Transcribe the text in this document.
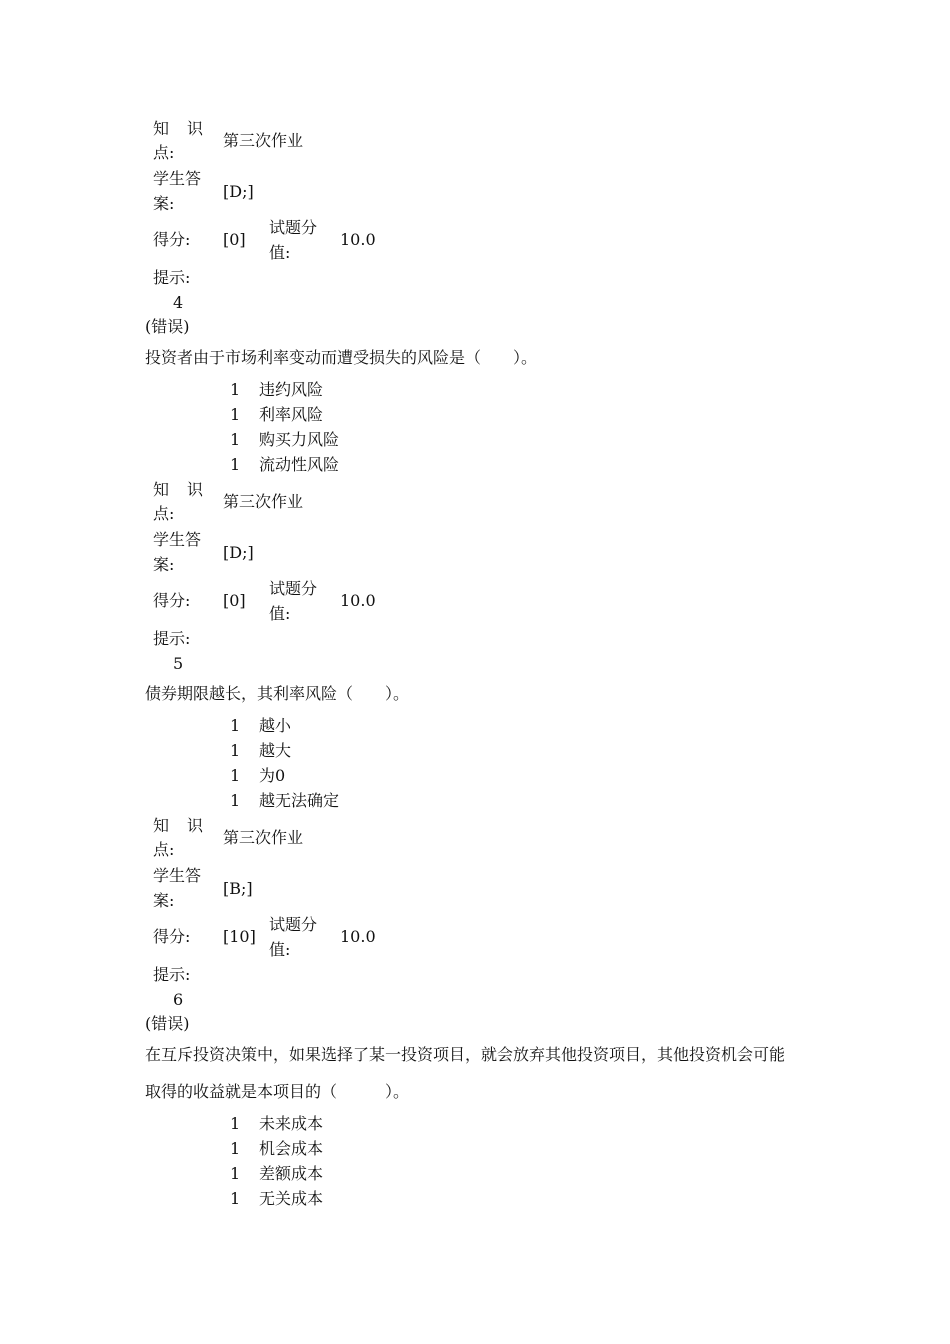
知识
点:
第三次作业
学生答
案:
[D;]
得分: [0]
试题分
值:
10.0
提示:
4
(错误)
投资者由于市场利率变动而遭受损失的风险是（　　）。
1 违约风险
1 利率风险
1 购买力风险
1 流动性风险
知识
点:
第三次作业
学生答
案:
[D;]
得分: [0]
试题分
值:
10.0
提示:
5
债券期限越长，其利率风险（　　）。
1 越小
1 越大
1 为0
1 越无法确定
知识
点:
第三次作业
学生答
案:
[B;]
得分: [10]
试题分
值:
10.0
提示:
6
(错误)
在互斥投资决策中，如果选择了某一投资项目，就会放弃其他投资项目，其他投资机会可能
取得的收益就是本项目的（　　　）。
1 未来成本
1 机会成本
1 差额成本
1 无关成本
